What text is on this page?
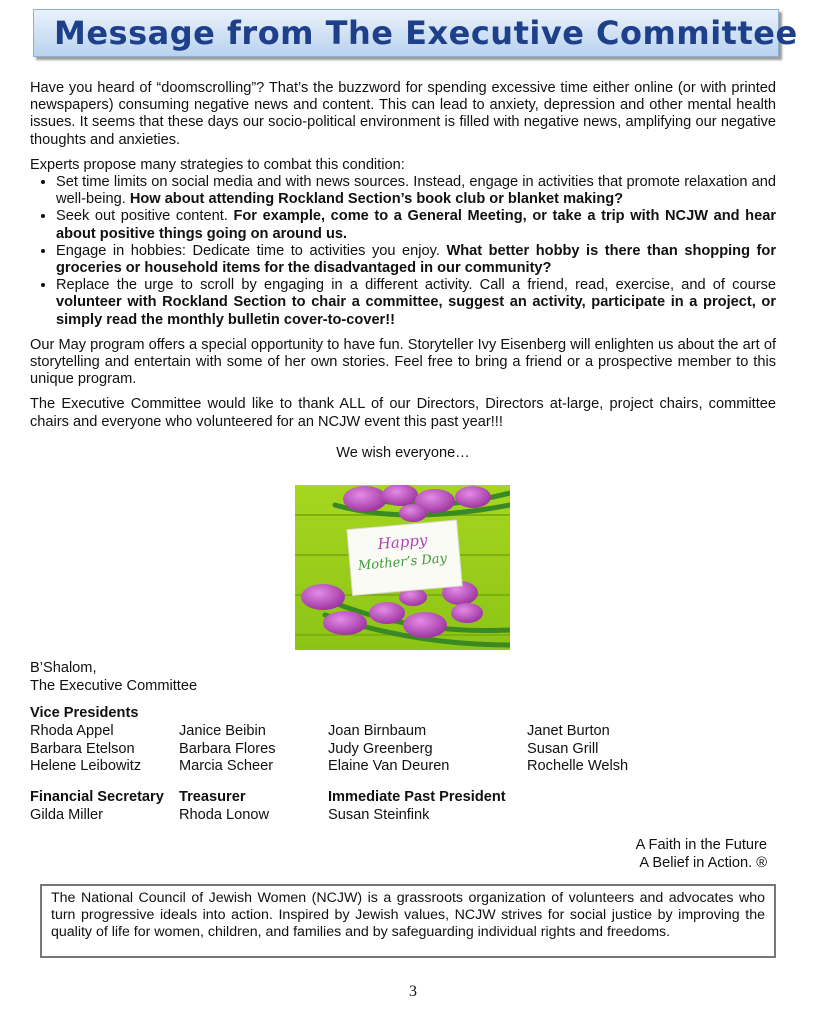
Message from The Executive Committee

Have you heard of “doomscrolling”? That’s the buzzword for spending excessive time either online (or with printed newspapers) consuming negative news and content. This can lead to anxiety, depression and other mental health issues. It seems that these days our socio-political environment is filled with negative news, amplifying our negative thoughts and anxieties.

Experts propose many strategies to combat this condition:
• Set time limits on social media and with news sources. Instead, engage in activities that promote relaxation and well-being. How about attending Rockland Section’s book club or blanket making?
• Seek out positive content. For example, come to a General Meeting, or take a trip with NCJW and hear about positive things going on around us.
• Engage in hobbies: Dedicate time to activities you enjoy. What better hobby is there than shopping for groceries or household items for the disadvantaged in our community?
• Replace the urge to scroll by engaging in a different activity. Call a friend, read, exercise, and of course volunteer with Rockland Section to chair a committee, suggest an activity, participate in a project, or simply read the monthly bulletin cover-to-cover!!

Our May program offers a special opportunity to have fun. Storyteller Ivy Eisenberg will enlighten us about the art of storytelling and entertain with some of her own stories. Feel free to bring a friend or a prospective member to this unique program.

The Executive Committee would like to thank ALL of our Directors, Directors at-large, project chairs, committee chairs and everyone who volunteered for an NCJW event this past year!!!

We wish everyone…

Happy
Mother’s Day
B’Shalom,
The Executive Committee
Vice Presidents
Rhoda Appel
Barbara Etelson
Helene Leibowitz
Janice Beibin
Barbara Flores
Marcia Scheer
Joan Birnbaum
Judy Greenberg
Elaine Van Deuren
Janet Burton
Susan Grill
Rochelle Welsh
Financial Secretary
Gilda Miller
Treasurer
Rhoda Lonow
Immediate Past President
Susan Steinfink
A Faith in the Future
A Belief in Action. ®
The National Council of Jewish Women (NCJW) is a grassroots organization of volunteers and advocates who turn progressive ideals into action. Inspired by Jewish values, NCJW strives for social justice by improving the quality of life for women, children, and families and by safeguarding individual rights and freedoms.
3
